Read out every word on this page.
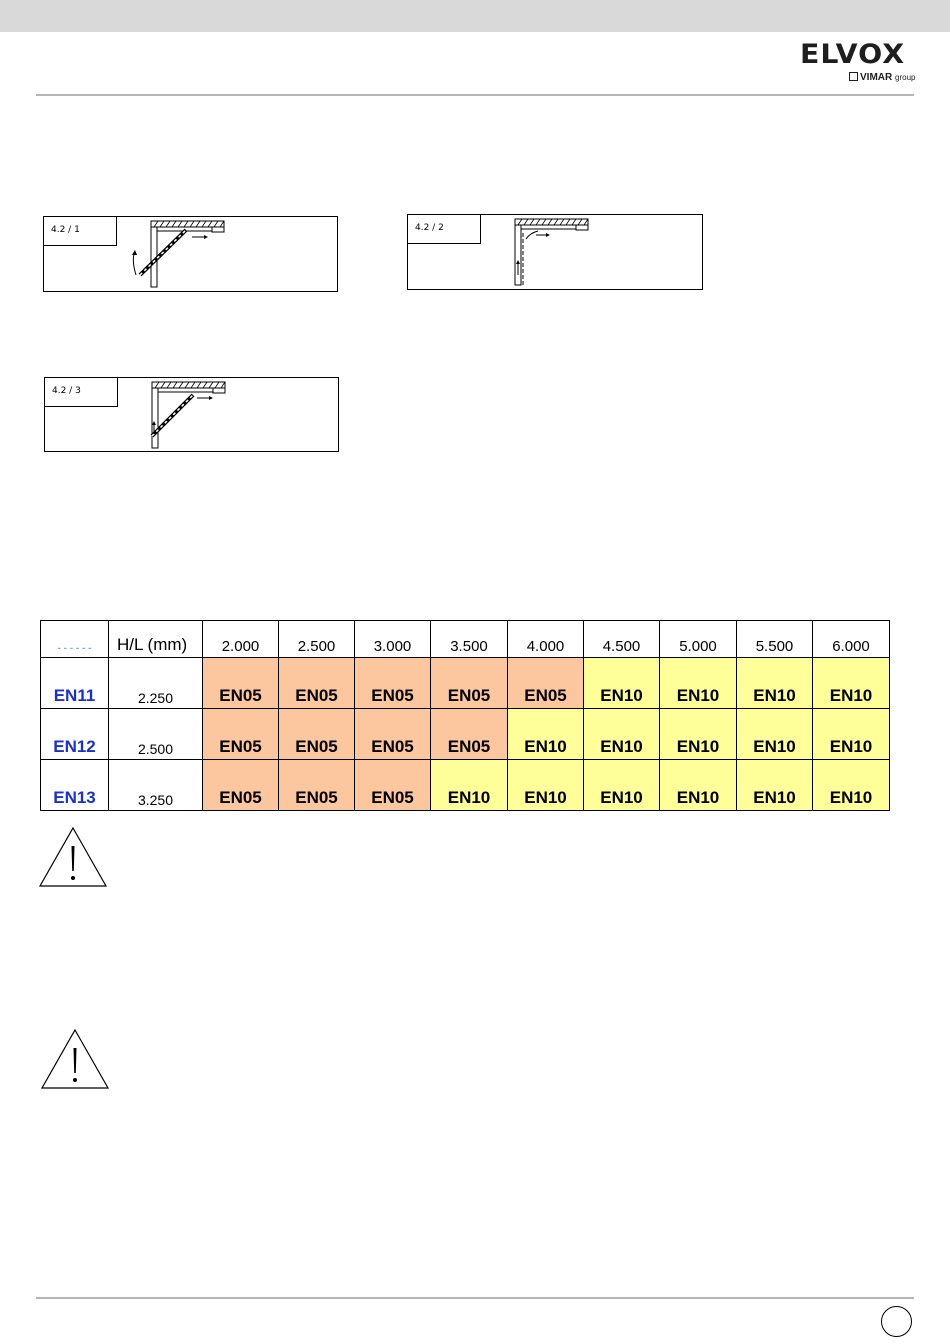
ELVOX
VIMAR group
4.2 / 1	4.2 / 2
4.2 / 3
- - - - - -	H/L (mm)	2.000	2.500	3.000	3.500	4.000	4.500	5.000	5.500	6.000
EN11	2.250	EN05	EN05	EN05	EN05	EN05	EN10	EN10	EN10	EN10
EN12	2.500	EN05	EN05	EN05	EN05	EN10	EN10	EN10	EN10	EN10
EN13	3.250	EN05	EN05	EN05	EN10	EN10	EN10	EN10	EN10	EN10
